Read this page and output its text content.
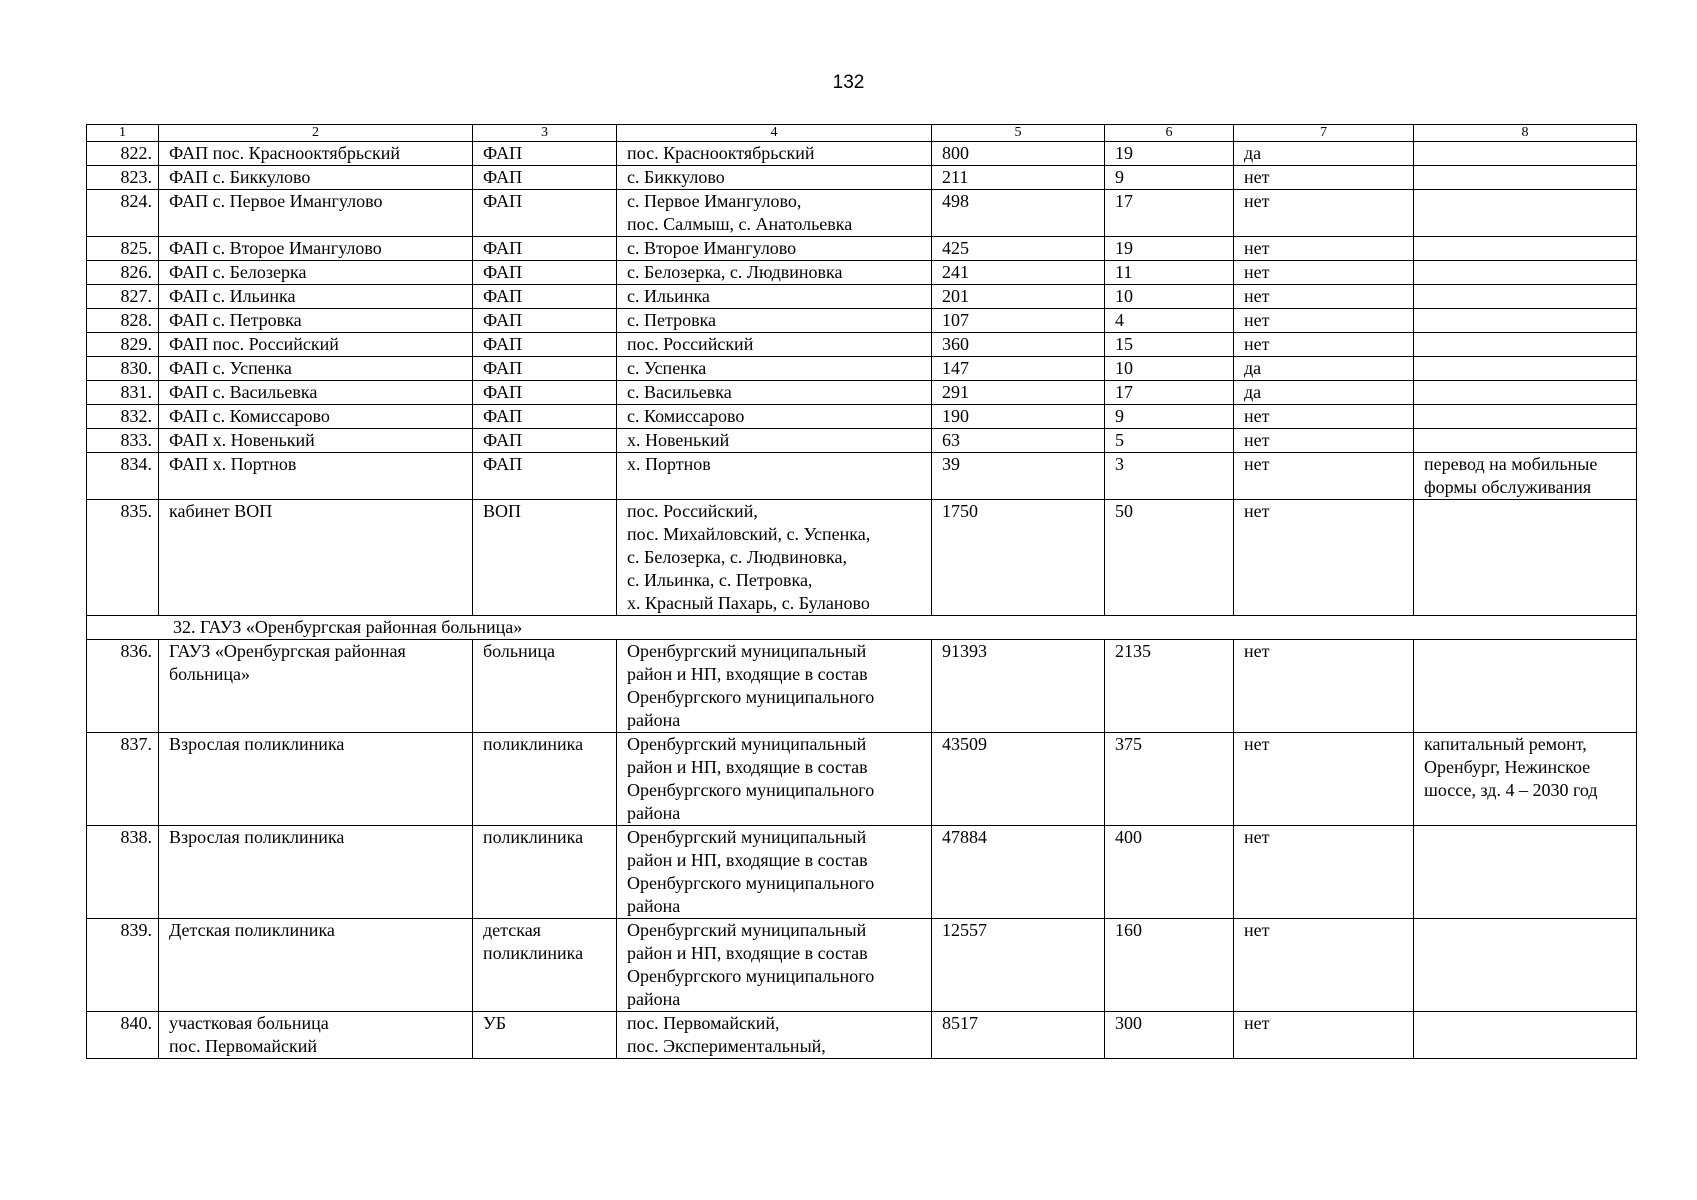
132
1	2	3	4	5	6	7	8
822.	ФАП пос. Краснооктябрьский	ФАП	пос. Краснооктябрьский	800	19	да	
823.	ФАП с. Биккулово	ФАП	с. Биккулово	211	9	нет	
824.	ФАП с. Первое Имангулово	ФАП	с. Первое Имангулово,
пос. Салмыш, с. Анатольевка	498	17	нет	
825.	ФАП с. Второе Имангулово	ФАП	с. Второе Имангулово	425	19	нет	
826.	ФАП с. Белозерка	ФАП	с. Белозерка, с. Людвиновка	241	11	нет	
827.	ФАП с. Ильинка	ФАП	с. Ильинка	201	10	нет	
828.	ФАП с. Петровка	ФАП	с. Петровка	107	4	нет	
829.	ФАП пос. Российский	ФАП	пос. Российский	360	15	нет	
830.	ФАП с. Успенка	ФАП	с. Успенка	147	10	да	
831.	ФАП с. Васильевка	ФАП	с. Васильевка	291	17	да	
832.	ФАП с. Комиссарово	ФАП	с. Комиссарово	190	9	нет	
833.	ФАП х. Новенький	ФАП	х. Новенький	63	5	нет	
834.	ФАП х. Портнов	ФАП	х. Портнов	39	3	нет	перевод на мобильные
формы обслуживания
835.	кабинет ВОП	ВОП	пос. Российский,
пос. Михайловский, с. Успенка,
с. Белозерка, с. Людвиновка,
с. Ильинка, с. Петровка,
х. Красный Пахарь, с. Буланово	1750	50	нет	
32. ГАУЗ «Оренбургская районная больница»							
836.	ГАУЗ «Оренбургская районная
больница»	больница	Оренбургский муниципальный
район и НП, входящие в состав
Оренбургского муниципального
района	91393	2135	нет	
837.	Взрослая поликлиника	поликлиника	Оренбургский муниципальный
район и НП, входящие в состав
Оренбургского муниципального
района	43509	375	нет	капитальный ремонт,
Оренбург, Нежинское
шоссе, зд. 4 – 2030 год
838.	Взрослая поликлиника	поликлиника	Оренбургский муниципальный
район и НП, входящие в состав
Оренбургского муниципального
района	47884	400	нет	
839.	Детская поликлиника	детская
поликлиника	Оренбургский муниципальный
район и НП, входящие в состав
Оренбургского муниципального
района	12557	160	нет	
840.	участковая больница
пос. Первомайский	УБ	пос. Первомайский,
пос. Экспериментальный,	8517	300	нет	
